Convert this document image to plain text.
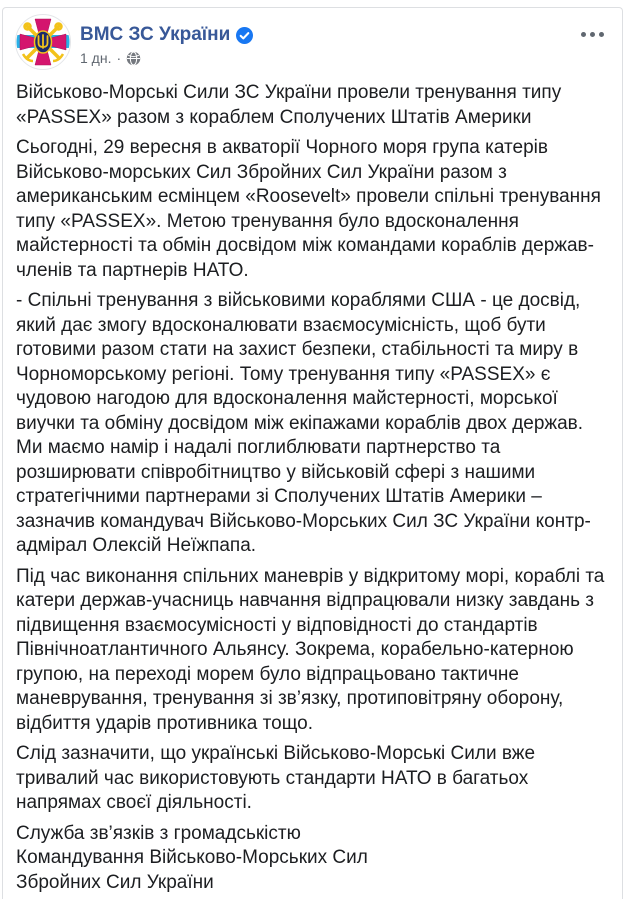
ВМС ЗС України
1 дн. ·

Військово-Морські Сили ЗС України провели тренування типу «PASSEX» разом з кораблем Сполучених Штатів Америки

Сьогодні, 29 вересня в акваторії Чорного моря група катерів Військово-морських Сил Збройних Сил України разом з американським есмінцем «Roosevelt» провели спільні тренування типу «PASSEX». Метою тренування було вдосконалення майстерності та обмін досвідом між командами кораблів держав-членів та партнерів НАТО.

- Спільні тренування з військовими кораблями США - це досвід, який дає змогу вдосконалювати взаємосумісність, щоб бути готовими разом стати на захист безпеки, стабільності та миру в Чорноморському регіоні. Тому тренування типу «PASSEX» є чудовою нагодою для вдосконалення майстерності, морської виучки та обміну досвідом між екіпажами кораблів двох держав. Ми маємо намір і надалі поглиблювати партнерство та розширювати співробітництво у військовій сфері з нашими стратегічними партнерами зі Сполучених Штатів Америки – зазначив командувач Військово-Морських Сил ЗС України контр-адмірал Олексій Неїжпапа.

Під час виконання спільних маневрів у відкритому морі, кораблі та катери держав-учасниць навчання відпрацювали низку завдань з підвищення взаємосумісності у відповідності до стандартів Північноатлантичного Альянсу. Зокрема, корабельно-катерною групою, на переході морем було відпрацьовано тактичне маневрування, тренування зі зв’язку, протиповітряну оборону, відбиття ударів противника тощо.

Слід зазначити, що українські Військово-Морські Сили вже тривалий час використовують стандарти НАТО в багатьох напрямах своєї діяльності.

Служба зв’язків з громадськістю
Командування Військово-Морських Сил
Збройних Сил України
